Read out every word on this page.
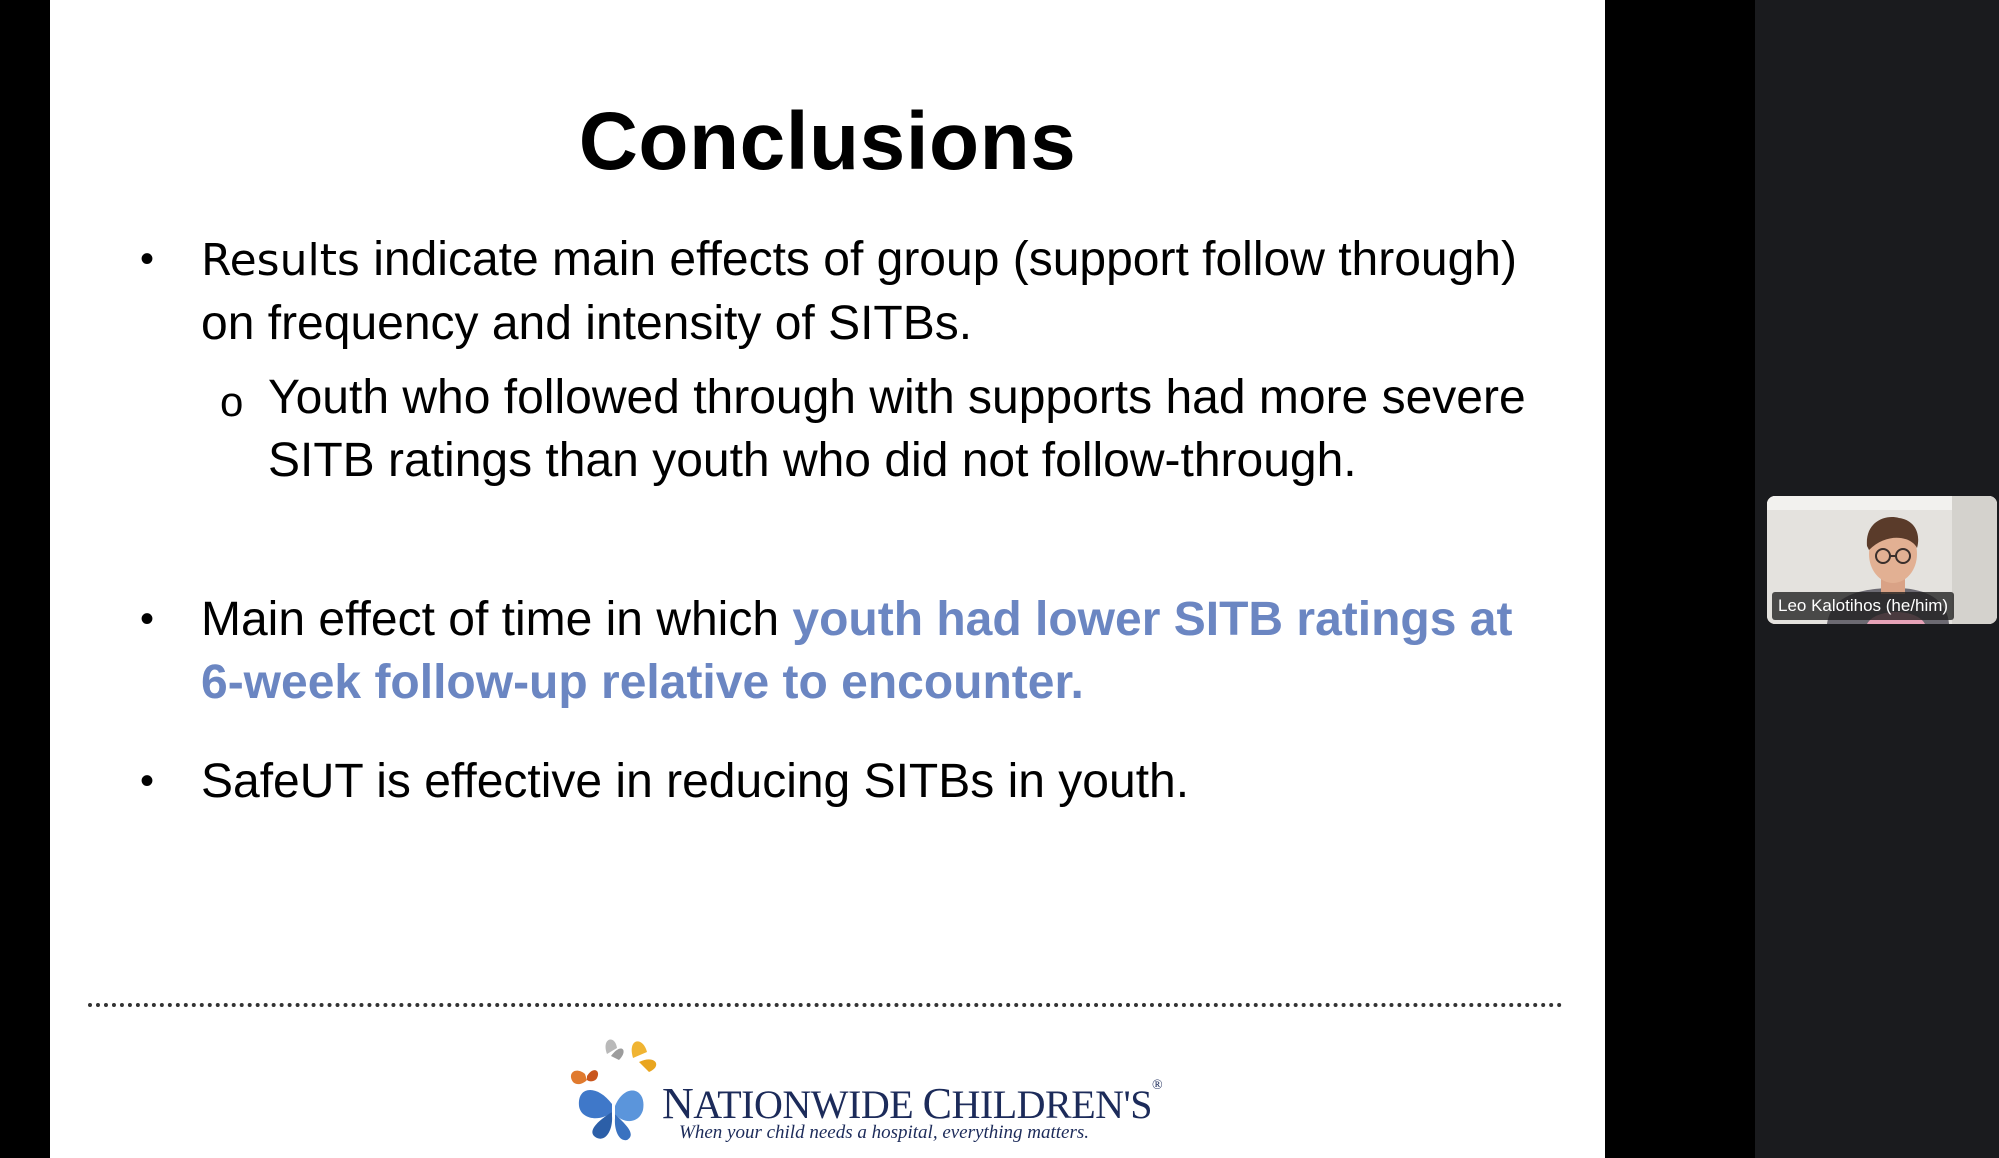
Conclusions
•	Results indicate main effects of group (support follow through) on frequency and intensity of SITBs.
o Youth who followed through with supports had more severe SITB ratings than youth who did not follow-through.
• Main effect of time in which youth had lower SITB ratings at 6-week follow-up relative to encounter.
• SafeUT is effective in reducing SITBs in youth.
NATIONWIDE CHILDREN'S®
When your child needs a hospital, everything matters.
Leo Kalotihos (he/him)
